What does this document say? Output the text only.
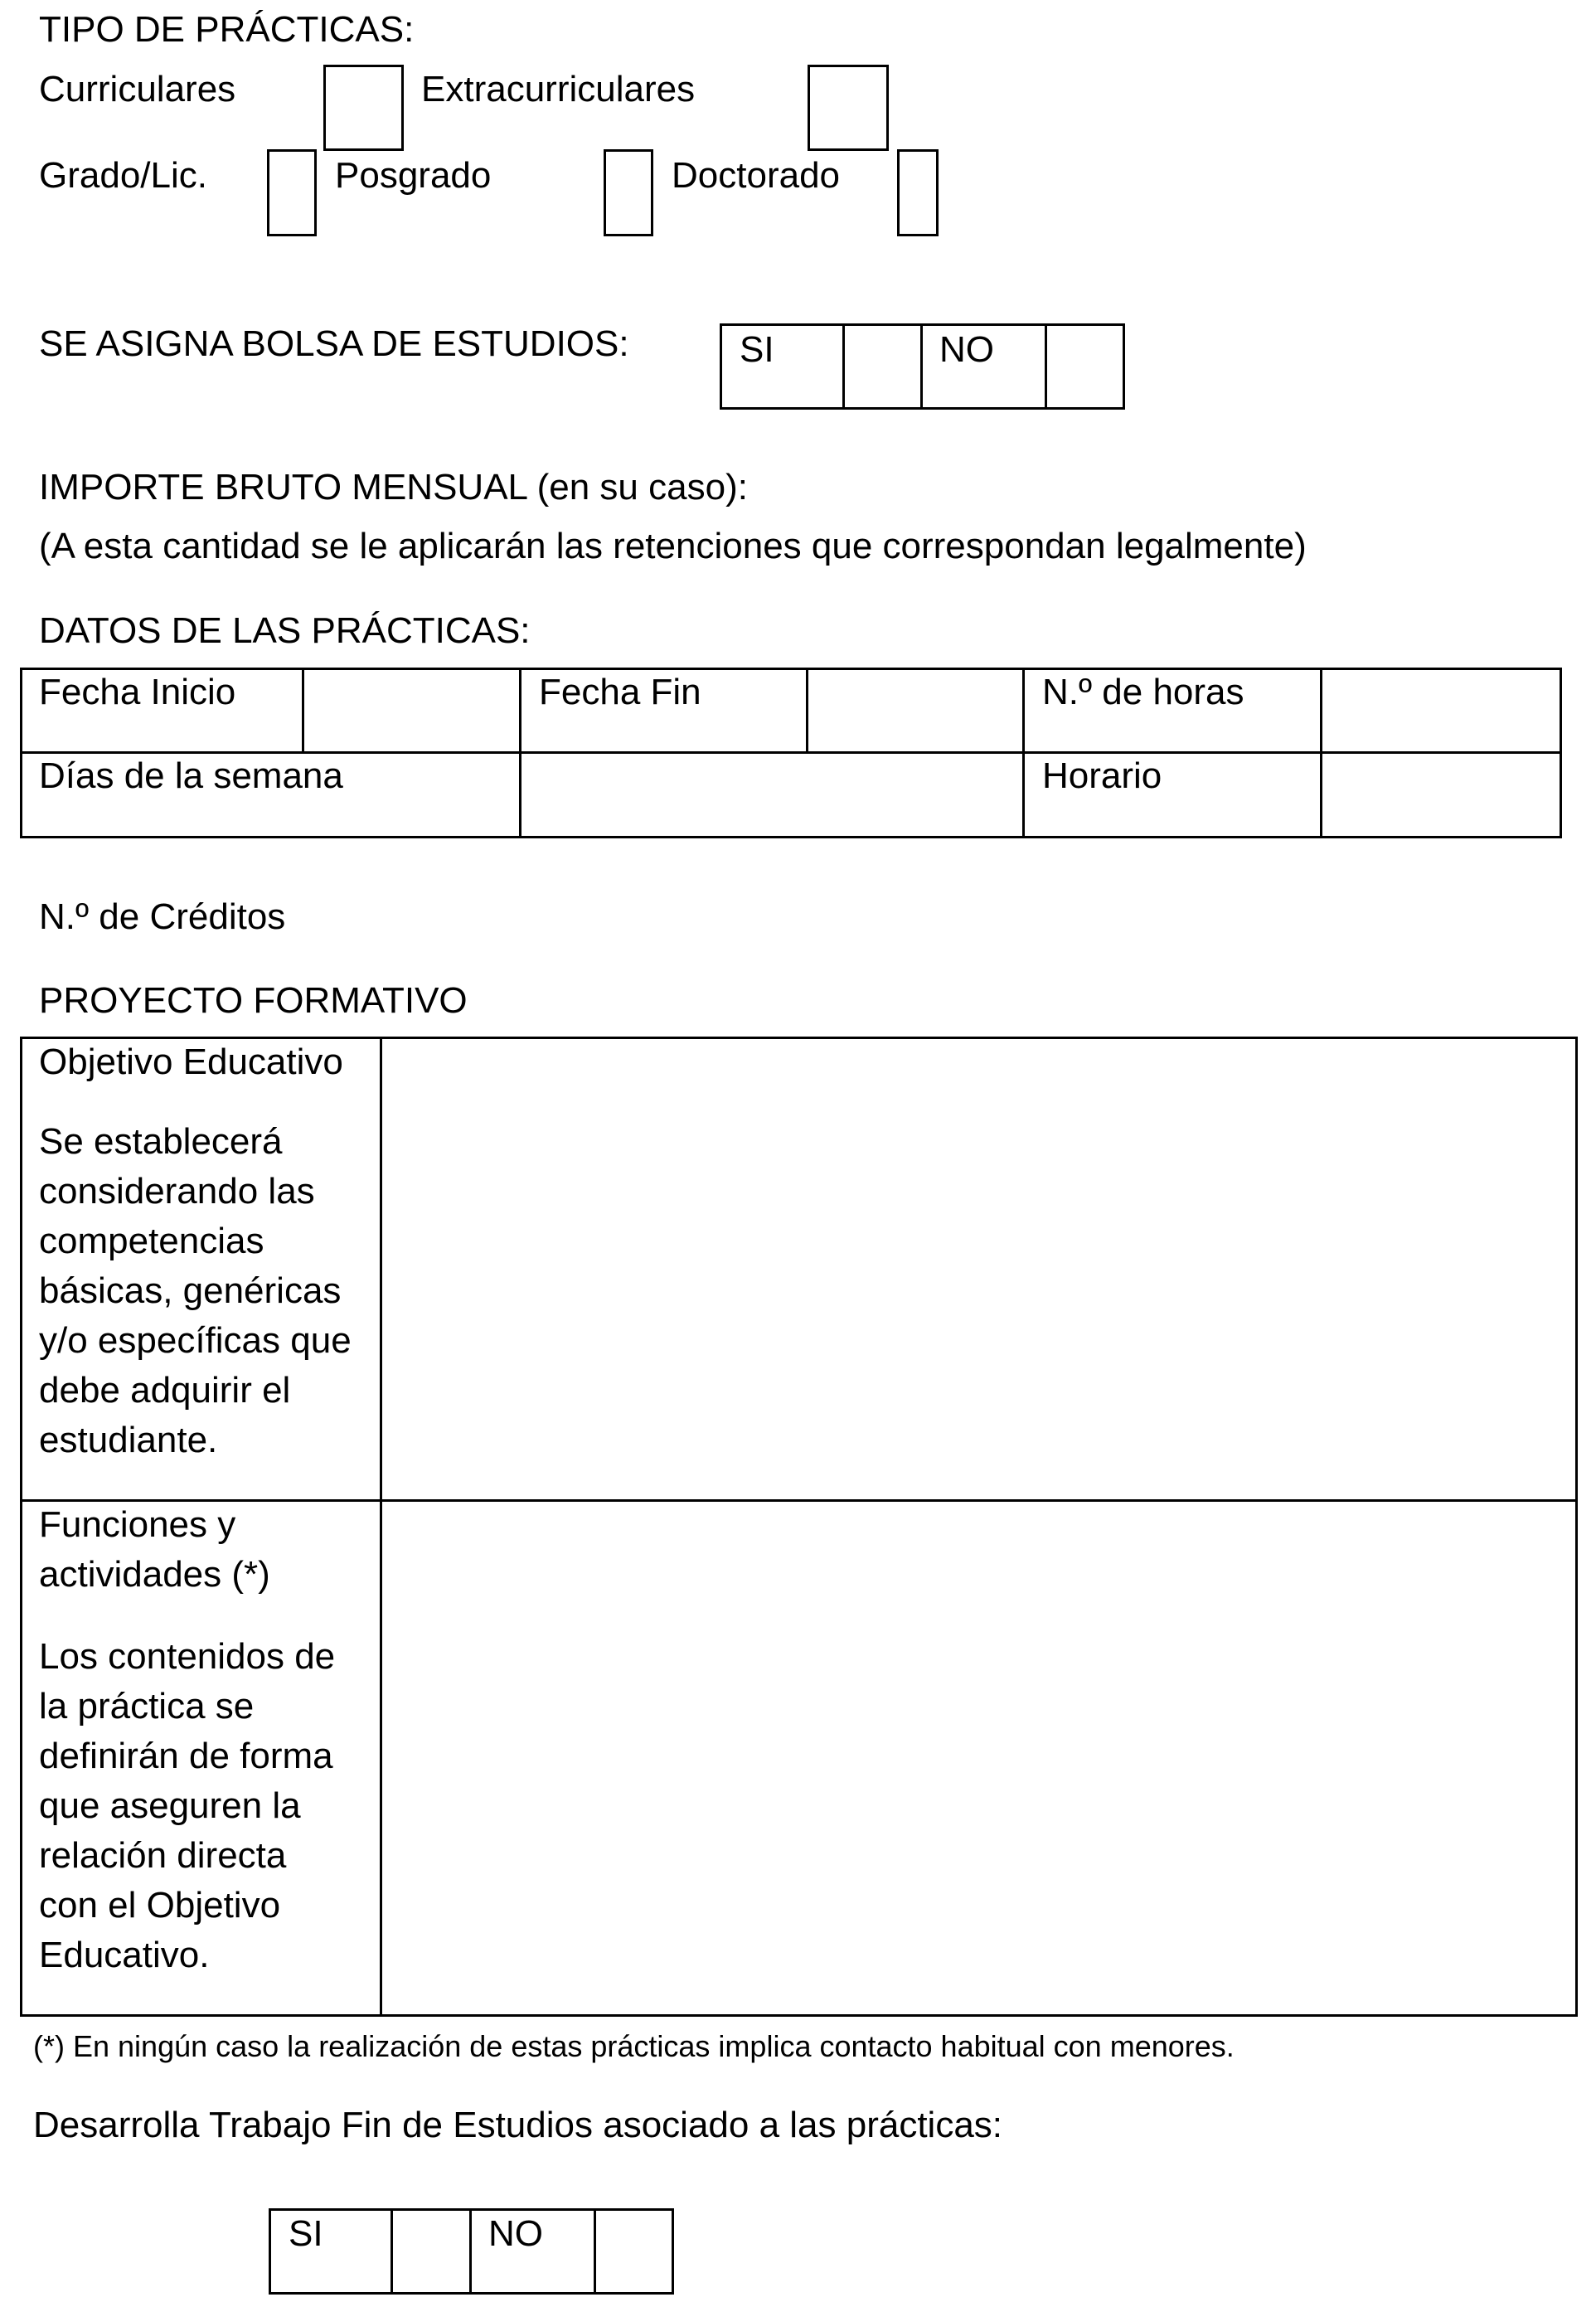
TIPO DE PRÁCTICAS:
Curriculares	Extracurriculares
Grado/Lic.	Posgrado	Doctorado
SE ASIGNA BOLSA DE ESTUDIOS:	SI	NO
IMPORTE BRUTO MENSUAL (en su caso):
(A esta cantidad se le aplicarán las retenciones que correspondan legalmente)
DATOS DE LAS PRÁCTICAS:
Fecha Inicio	Fecha Fin	N.º de horas
Días de la semana	Horario
N.º de Créditos
PROYECTO FORMATIVO
Objetivo Educativo
Se establecerá
considerando las
competencias
básicas, genéricas
y/o específicas que
debe adquirir el
estudiante.
Funciones y
actividades (*)
Los contenidos de
la práctica se
definirán de forma
que aseguren la
relación directa
con el Objetivo
Educativo.
(*) En ningún caso la realización de estas prácticas implica contacto habitual con menores.
Desarrolla Trabajo Fin de Estudios asociado a las prácticas:
SI	NO
